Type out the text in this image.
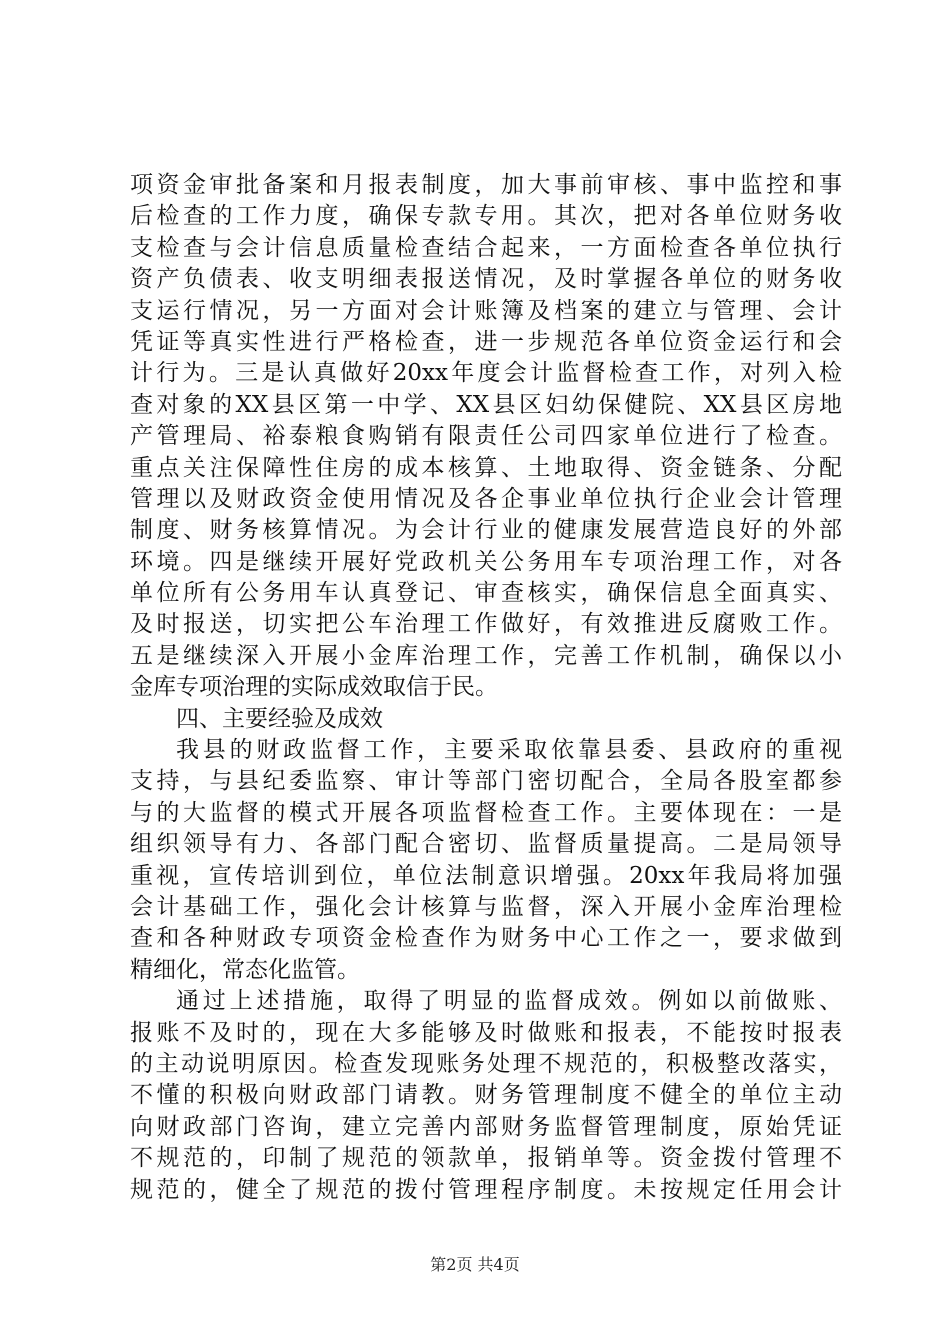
项资金审批备案和月报表制度，加大事前审核、事中监控和事
后检查的工作力度，确保专款专用。其次，把对各单位财务收
支检查与会计信息质量检查结合起来，一方面检查各单位执行
资产负债表、收支明细表报送情况，及时掌握各单位的财务收
支运行情况，另一方面对会计账簿及档案的建立与管理、会计
凭证等真实性进行严格检查，进一步规范各单位资金运行和会
计行为。三是认真做好20xx年度会计监督检查工作，对列入检
查对象的XX县区第一中学、XX县区妇幼保健院、XX县区房地
产管理局、裕泰粮食购销有限责任公司四家单位进行了检查。
重点关注保障性住房的成本核算、土地取得、资金链条、分配
管理以及财政资金使用情况及各企事业单位执行企业会计管理
制度、财务核算情况。为会计行业的健康发展营造良好的外部
环境。四是继续开展好党政机关公务用车专项治理工作，对各
单位所有公务用车认真登记、审查核实，确保信息全面真实、
及时报送，切实把公车治理工作做好，有效推进反腐败工作。
五是继续深入开展小金库治理工作，完善工作机制，确保以小
金库专项治理的实际成效取信于民。
四、主要经验及成效
我县的财政监督工作，主要采取依靠县委、县政府的重视
支持，与县纪委监察、审计等部门密切配合，全局各股室都参
与的大监督的模式开展各项监督检查工作。主要体现在：一是
组织领导有力、各部门配合密切、监督质量提高。二是局领导
重视，宣传培训到位，单位法制意识增强。20xx年我局将加强
会计基础工作，强化会计核算与监督，深入开展小金库治理检
查和各种财政专项资金检查作为财务中心工作之一，要求做到
精细化，常态化监管。
通过上述措施，取得了明显的监督成效。例如以前做账、
报账不及时的，现在大多能够及时做账和报表，不能按时报表
的主动说明原因。检查发现账务处理不规范的，积极整改落实，
不懂的积极向财政部门请教。财务管理制度不健全的单位主动
向财政部门咨询，建立完善内部财务监督管理制度，原始凭证
不规范的，印制了规范的领款单，报销单等。资金拨付管理不
规范的，健全了规范的拨付管理程序制度。未按规定任用会计
第2页 共4页
